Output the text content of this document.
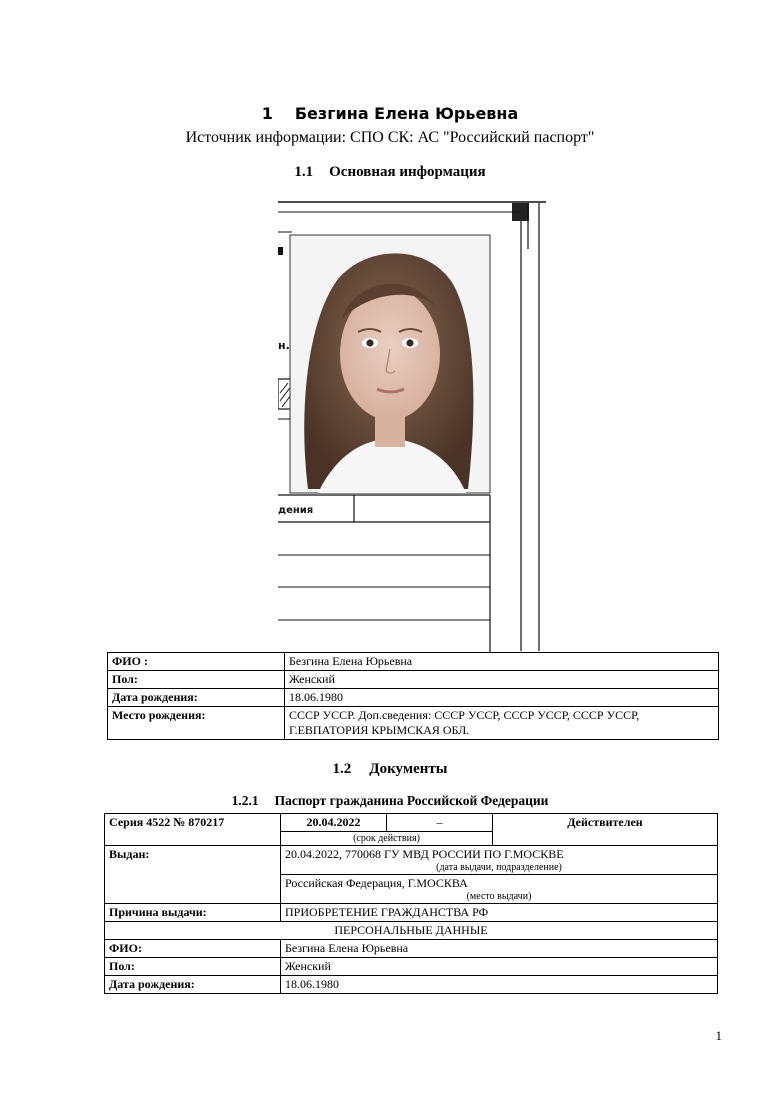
1 Безгина Елена Юрьевна
Источник информации: СПО СК: АС "Российский паспорт"
1.1 Основная информация
н.
дения
ФИО :	Безгина Елена Юрьевна
Пол:	Женский
Дата рождения:	18.06.1980
Место рождения:	СССР УССР. Доп.сведения: СССР УССР, СССР УССР, СССР УССР, Г.ЕВПАТОРИЯ КРЫМСКАЯ ОБЛ.
1.2 Документы
1.2.1 Паспорт гражданина Российской Федерации
Серия 4522 № 870217	20.04.2022	–	Действителен
	(срок действия)		
Выдан:	20.04.2022, 770068 ГУ МВД РОССИИ ПО Г.МОСКВЕ
(дата выдачи, подразделение)		

	Российская Федерация, Г.МОСКВА
(место выдачи)		

Причина выдачи:	ПРИОБРЕТЕНИЕ ГРАЖДАНСТВА РФ		
ПЕРСОНАЛЬНЫЕ ДАННЫЕ			
ФИО:	Безгина Елена Юрьевна		
Пол:	Женский		
Дата рождения:	18.06.1980		
1
